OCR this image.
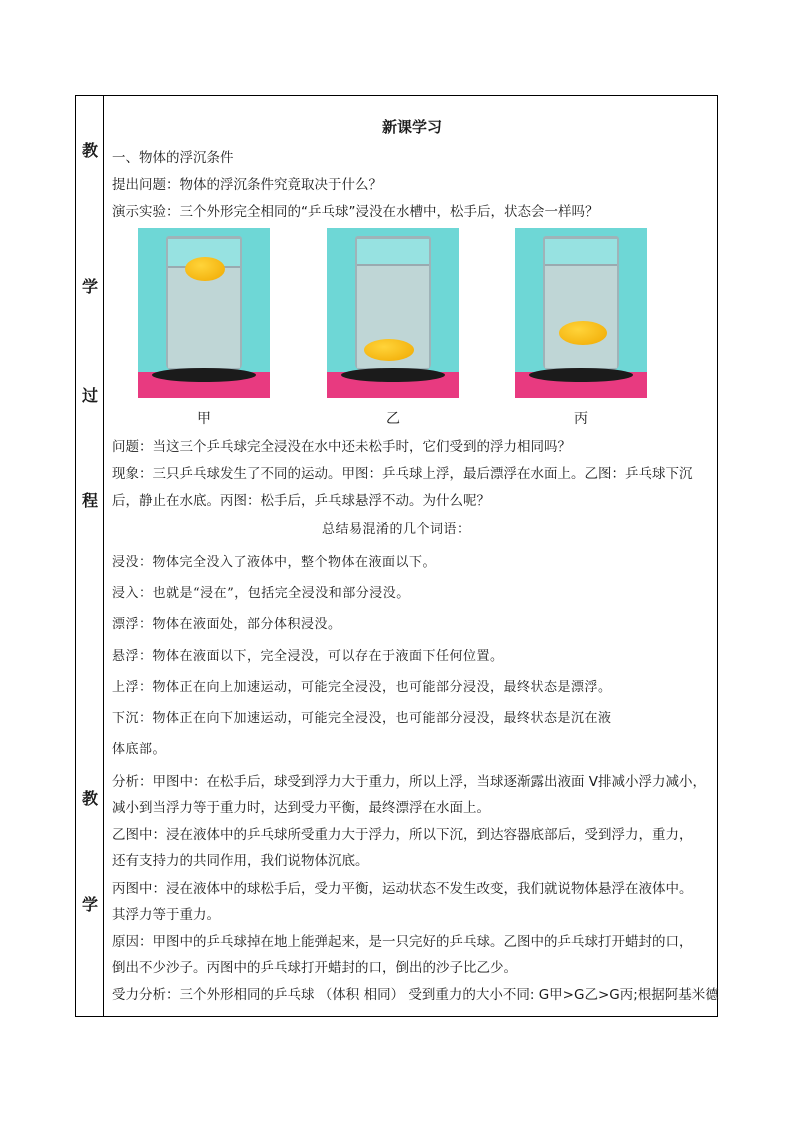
教
学
过
程
教
学
新课学习
一、物体的浮沉条件
提出问题：物体的浮沉条件究竟取决于什么？
演示实验：三个外形完全相同的“乒乓球”浸没在水槽中，松手后，状态会一样吗？
甲	乙	丙
问题：当这三个乒乓球完全浸没在水中还未松手时，它们受到的浮力相同吗？
现象：三只乒乓球发生了不同的运动。甲图：乒乓球上浮，最后漂浮在水面上。乙图：乒乓球下沉
后，静止在水底。丙图：松手后，乒乓球悬浮不动。为什么呢？
总结易混淆的几个词语：
浸没：物体完全没入了液体中，整个物体在液面以下。
浸入：也就是“浸在”，包括完全浸没和部分浸没。
漂浮：物体在液面处，部分体积浸没。
悬浮：物体在液面以下，完全浸没，可以存在于液面下任何位置。
上浮：物体正在向上加速运动，可能完全浸没，也可能部分浸没，最终状态是漂浮。
下沉：物体正在向下加速运动，可能完全浸没，也可能部分浸没，最终状态是沉在液
体底部。
分析：甲图中：在松手后，球受到浮力大于重力，所以上浮，当球逐渐露出液面 V排减小浮力减小，
减小到当浮力等于重力时，达到受力平衡，最终漂浮在水面上。
乙图中：浸在液体中的乒乓球所受重力大于浮力，所以下沉，到达容器底部后，受到浮力，重力，
还有支持力的共同作用，我们说物体沉底。
丙图中：浸在液体中的球松手后，受力平衡，运动状态不发生改变，我们就说物体悬浮在液体中。
其浮力等于重力。
原因：甲图中的乒乓球掉在地上能弹起来，是一只完好的乒乓球。乙图中的乒乓球打开蜡封的口，
倒出不少沙子。丙图中的乒乓球打开蜡封的口，倒出的沙子比乙少。
受力分析：三个外形相同的乒乓球 （体积 相同） 受到重力的大小不同: G甲>G乙>G丙;根据阿基米德
